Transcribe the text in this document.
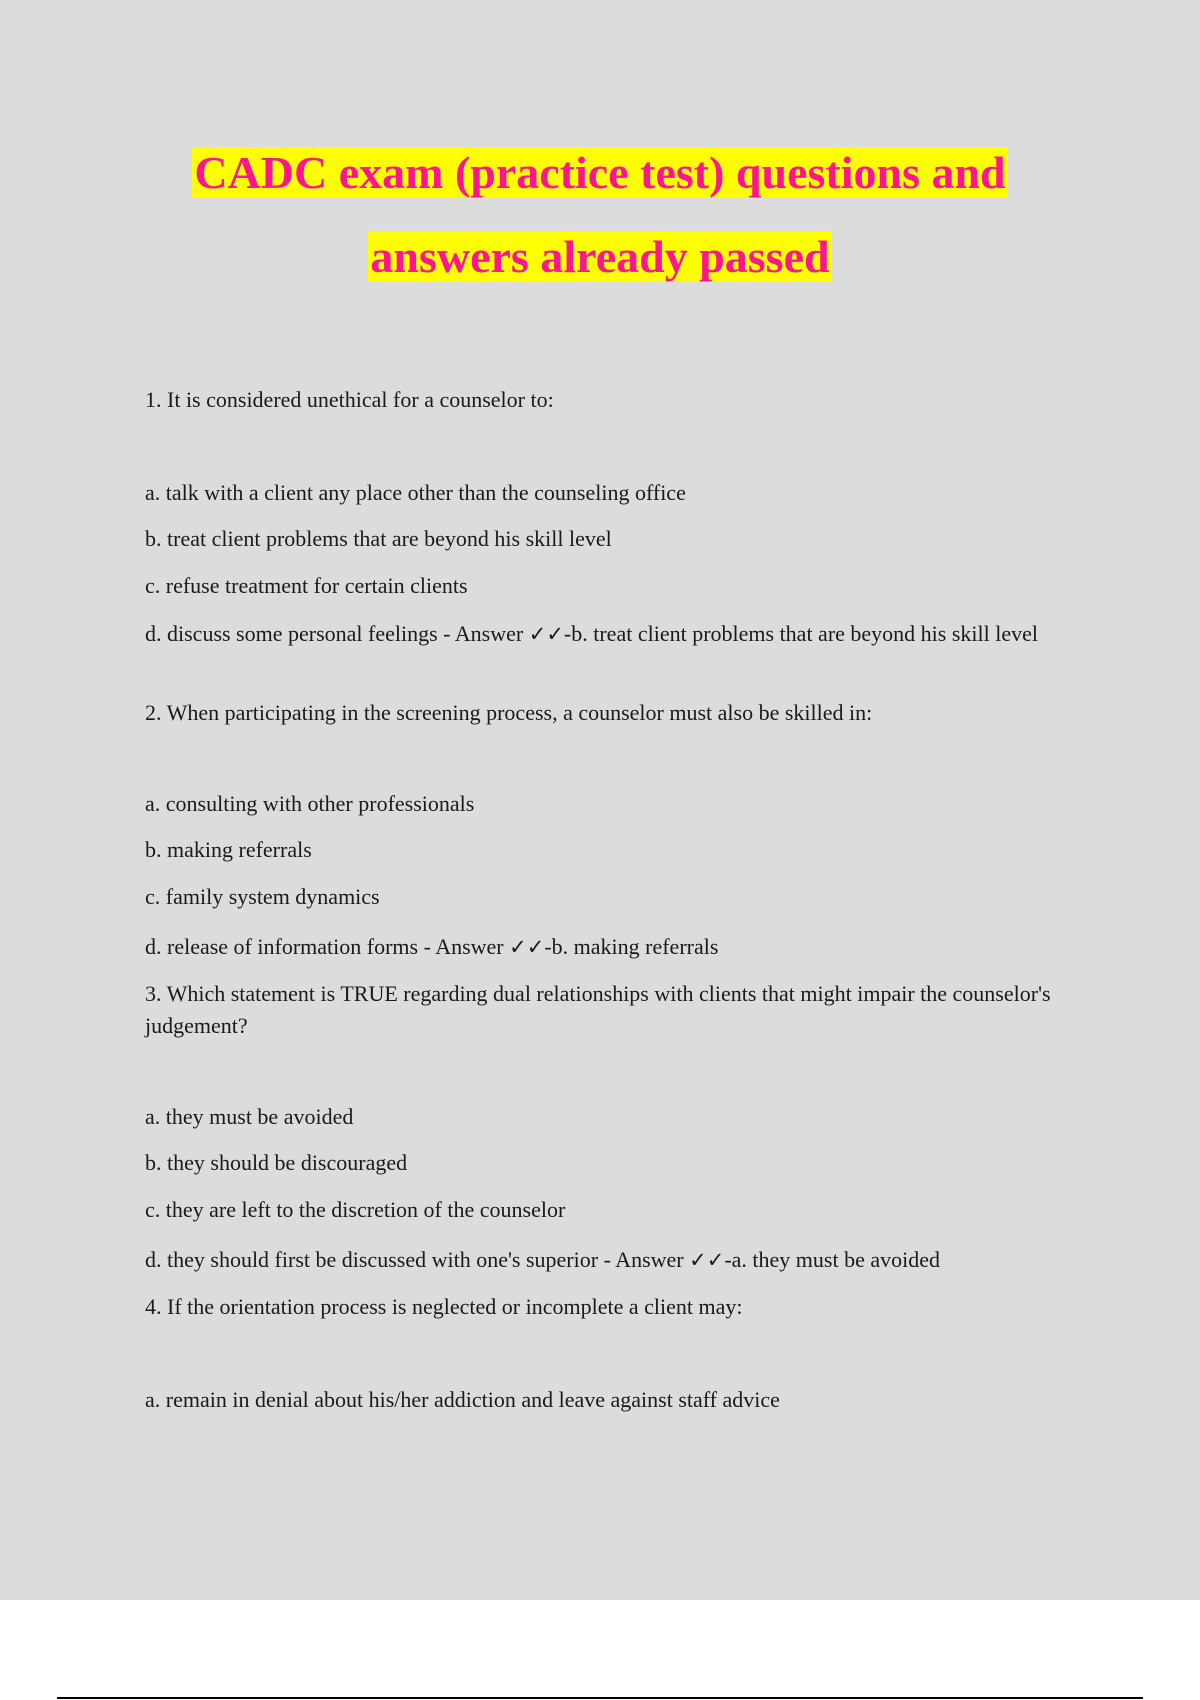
CADC exam (practice test) questions and
answers already passed
1. It is considered unethical for a counselor to:
a. talk with a client any place other than the counseling office
b. treat client problems that are beyond his skill level
c. refuse treatment for certain clients
d. discuss some personal feelings - Answer ✓✓-b. treat client problems that are beyond his skill level
2. When participating in the screening process, a counselor must also be skilled in:
a. consulting with other professionals
b. making referrals
c. family system dynamics
d. release of information forms - Answer ✓✓-b. making referrals
3. Which statement is TRUE regarding dual relationships with clients that might impair the counselor's judgement?
a. they must be avoided
b. they should be discouraged
c. they are left to the discretion of the counselor
d. they should first be discussed with one's superior - Answer ✓✓-a. they must be avoided
4. If the orientation process is neglected or incomplete a client may:
a. remain in denial about his/her addiction and leave against staff advice
